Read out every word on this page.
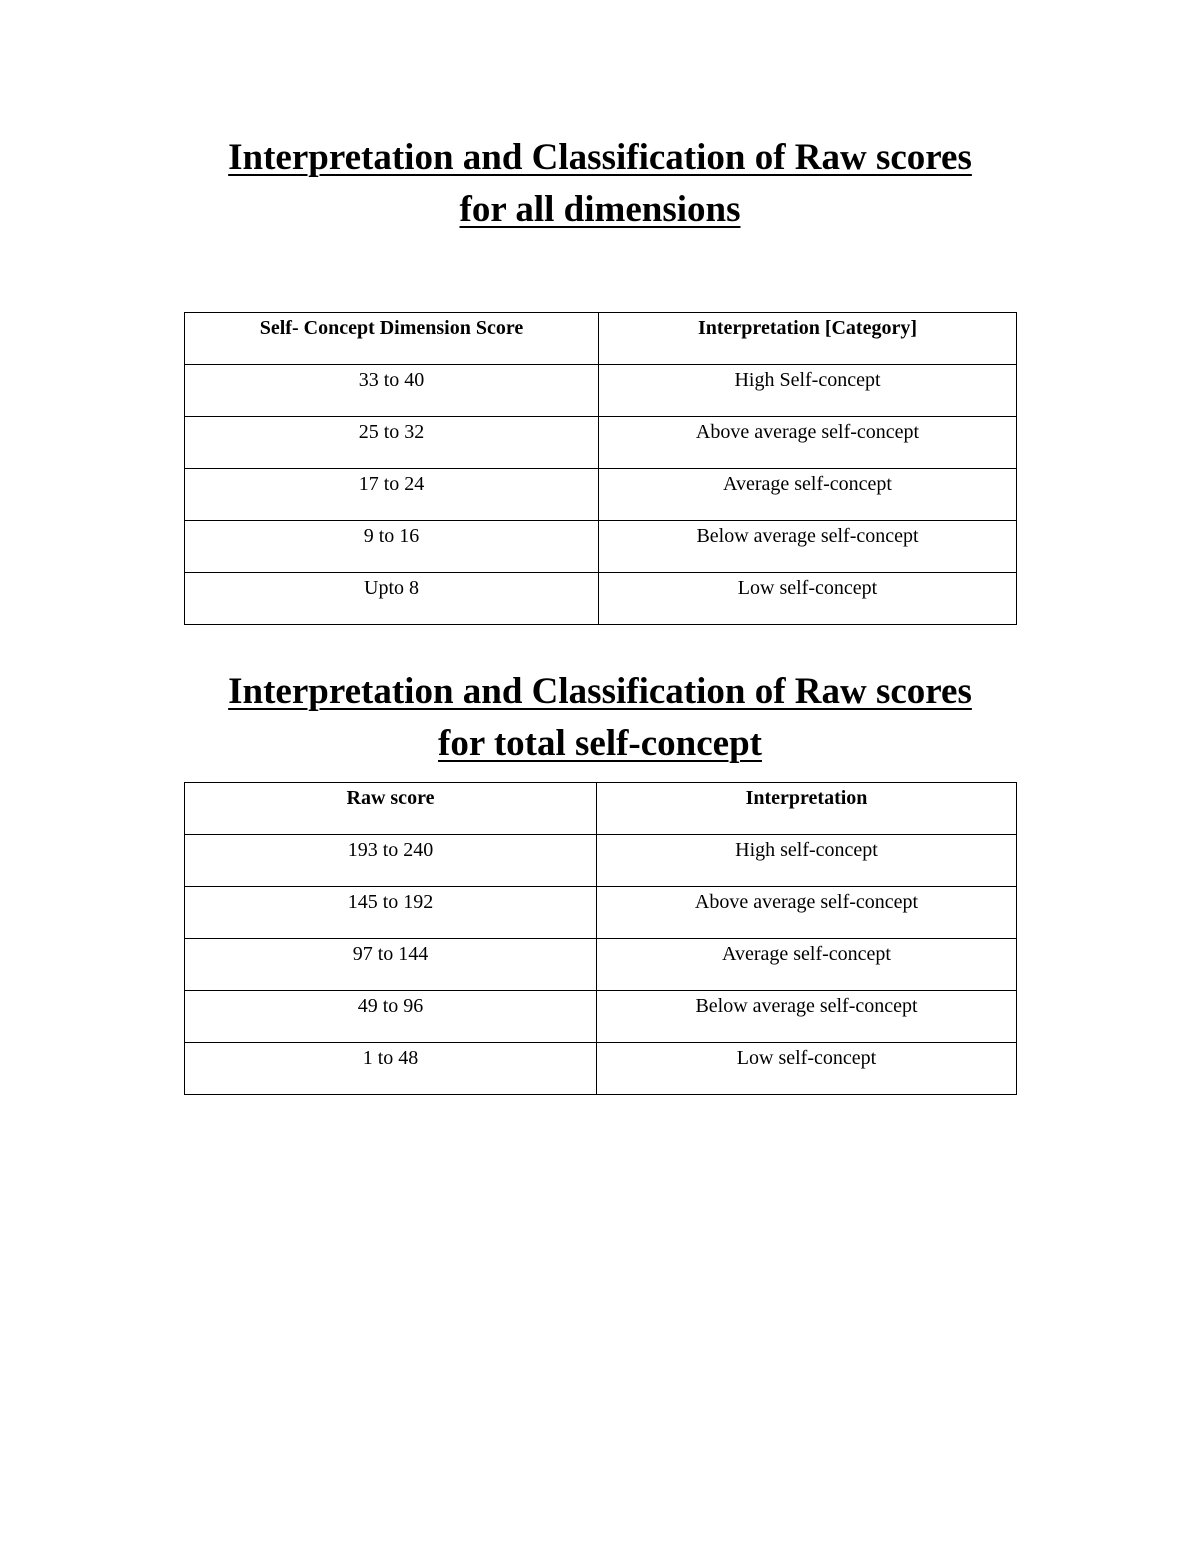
Interpretation and Classification of Raw scores
for all dimensions
Self- Concept Dimension Score	Interpretation [Category]
33 to 40	High Self-concept
25 to 32	Above average self-concept
17 to 24	Average self-concept
9 to 16	Below average self-concept
Upto 8	Low self-concept
Interpretation and Classification of Raw scores
for total self-concept
Raw score	Interpretation
193 to 240	High self-concept
145 to 192	Above average self-concept
97 to 144	Average self-concept
49 to 96	Below average self-concept
1 to 48	Low self-concept
